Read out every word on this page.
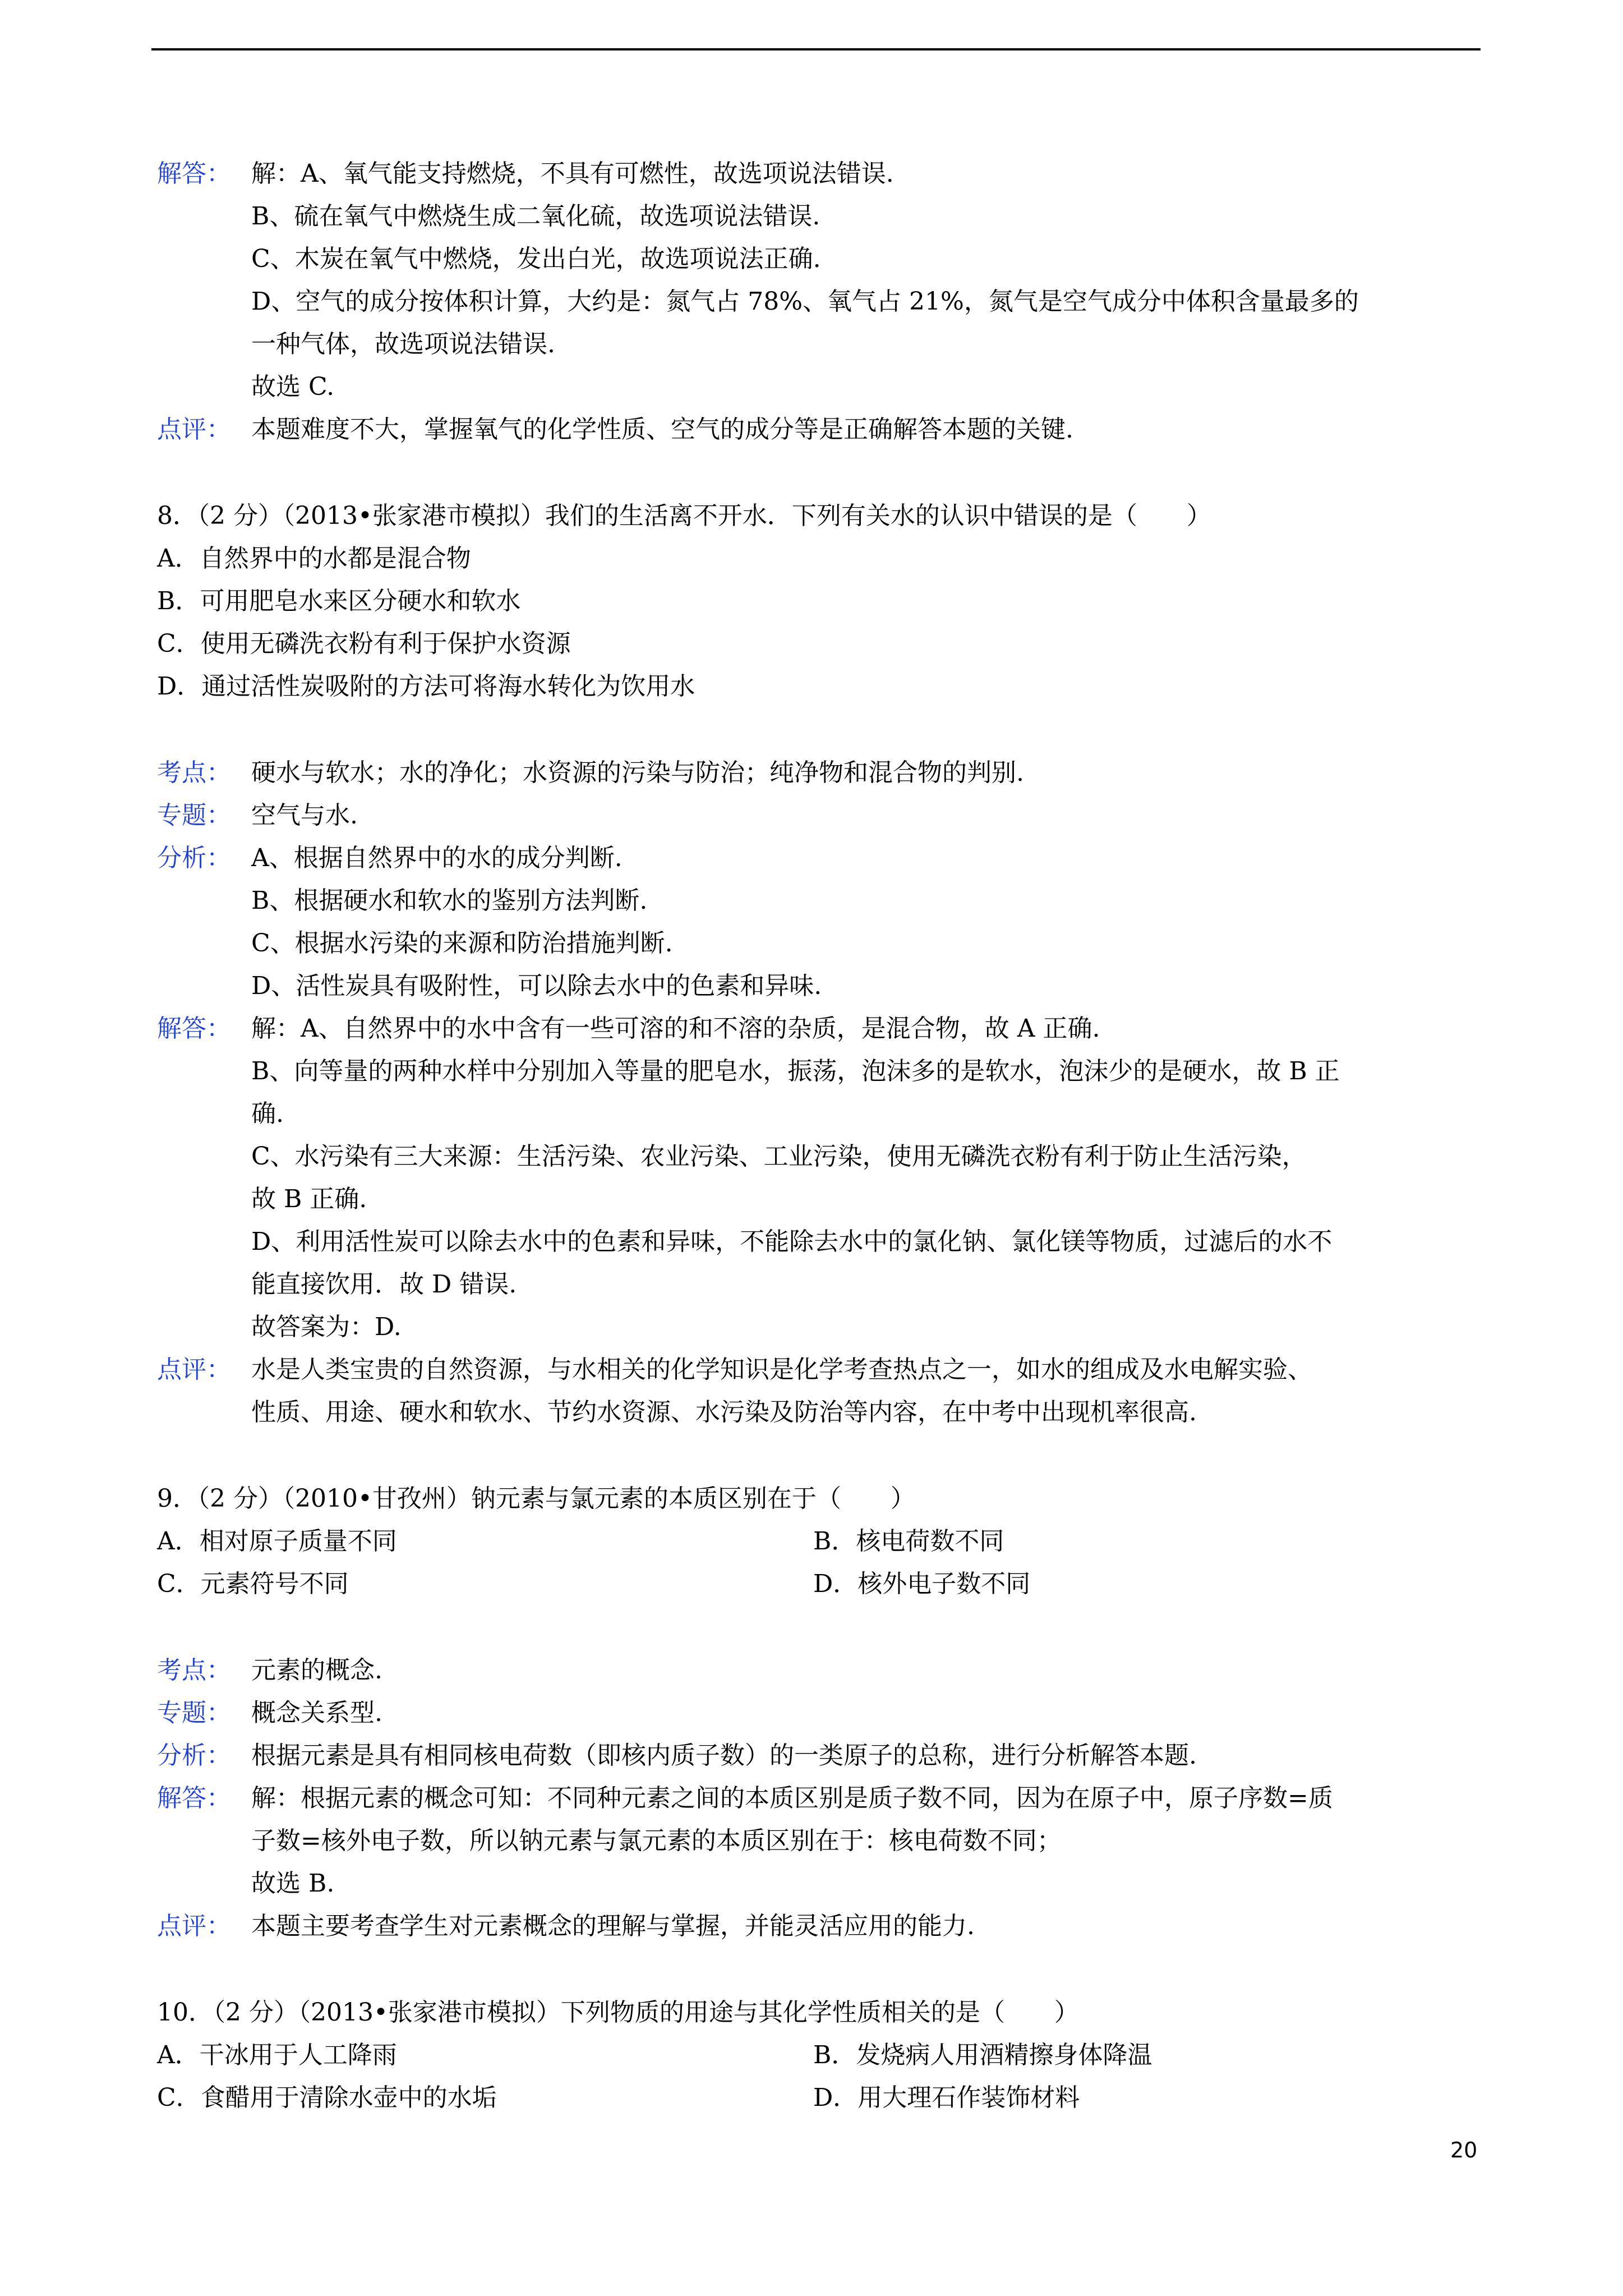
解答： 解：A、氧气能支持燃烧，不具有可燃性，故选项说法错误.
B、硫在氧气中燃烧生成二氧化硫，故选项说法错误.
C、木炭在氧气中燃烧，发出白光，故选项说法正确.
D、空气的成分按体积计算，大约是：氮气占 78%、氧气占 21%，氮气是空气成分中体积含量最多的
一种气体，故选项说法错误.
故选 C.
点评： 本题难度不大，掌握氧气的化学性质、空气的成分等是正确解答本题的关键.
8．（2 分）（2013•张家港市模拟）我们的生活离不开水．下列有关水的认识中错误的是（　　）
A．自然界中的水都是混合物
B．可用肥皂水来区分硬水和软水
C．使用无磷洗衣粉有利于保护水资源
D．通过活性炭吸附的方法可将海水转化为饮用水
考点： 硬水与软水；水的净化；水资源的污染与防治；纯净物和混合物的判别.
专题： 空气与水.
分析： A、根据自然界中的水的成分判断.
B、根据硬水和软水的鉴别方法判断.
C、根据水污染的来源和防治措施判断.
D、活性炭具有吸附性，可以除去水中的色素和异味.
解答： 解：A、自然界中的水中含有一些可溶的和不溶的杂质，是混合物，故 A 正确.
B、向等量的两种水样中分别加入等量的肥皂水，振荡，泡沫多的是软水，泡沫少的是硬水，故 B 正
确.
C、水污染有三大来源：生活污染、农业污染、工业污染，使用无磷洗衣粉有利于防止生活污染，
故 B 正确.
D、利用活性炭可以除去水中的色素和异味，不能除去水中的氯化钠、氯化镁等物质，过滤后的水不
能直接饮用．故 D 错误.
故答案为：D.
点评： 水是人类宝贵的自然资源，与水相关的化学知识是化学考查热点之一，如水的组成及水电解实验、
性质、用途、硬水和软水、节约水资源、水污染及防治等内容，在中考中出现机率很高.
9．（2 分）（2010•甘孜州）钠元素与氯元素的本质区别在于（　　）
A．相对原子质量不同	B．核电荷数不同
C．元素符号不同	D．核外电子数不同
考点： 元素的概念.
专题： 概念关系型.
分析： 根据元素是具有相同核电荷数（即核内质子数）的一类原子的总称，进行分析解答本题.
解答： 解：根据元素的概念可知：不同种元素之间的本质区别是质子数不同，因为在原子中，原子序数=质
子数=核外电子数，所以钠元素与氯元素的本质区别在于：核电荷数不同；
故选 B.
点评： 本题主要考查学生对元素概念的理解与掌握，并能灵活应用的能力.
10．（2 分）（2013•张家港市模拟）下列物质的用途与其化学性质相关的是（　　）
A．干冰用于人工降雨	B．发烧病人用酒精擦身体降温
C．食醋用于清除水壶中的水垢	D．用大理石作装饰材料
20
